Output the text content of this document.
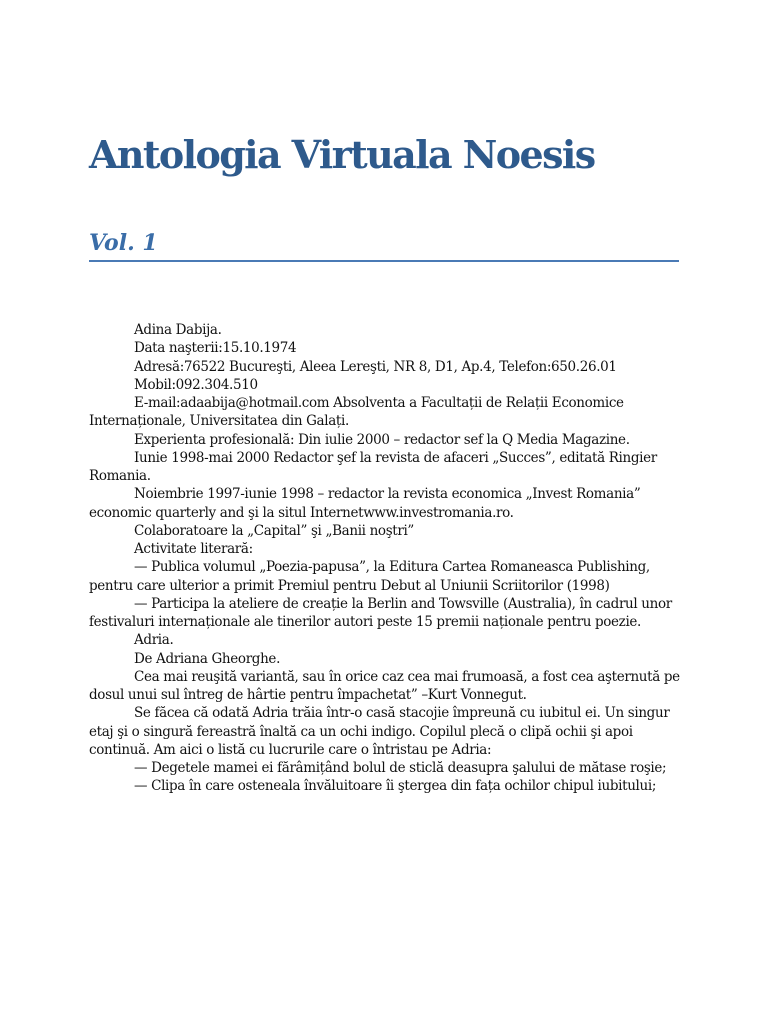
Antologia Virtuala Noesis
Vol. 1

Adina Dabija.

Data naşterii:15.10.1974

Adresă:76522 Bucureşti, Aleea Lereşti, NR 8, D1, Ap.4, Telefon:650.26.01

Mobil:092.304.510

E-mail:adaabija@hotmail.com Absolventa a Facultații de Relații Economice Internaționale, Universitatea din Galați.

Experienta profesională: Din iulie 2000 – redactor sef la Q Media Magazine.

Iunie 1998-mai 2000 Redactor şef la revista de afaceri „Succes”, editată Ringier Romania.

Noiembrie 1997-iunie 1998 – redactor la revista economica „Invest Romania” economic quarterly and şi la situl Internetwww.investromania.ro.

Colaboratoare la „Capital” şi „Banii noştri”

Activitate literară:

— Publica volumul „Poezia-papusa”, la Editura Cartea Romaneasca Publishing, pentru care ulterior a primit Premiul pentru Debut al Uniunii Scriitorilor (1998)

— Participa la ateliere de creație la Berlin and Towsville (Australia), în cadrul unor festivaluri internaționale ale tinerilor autori peste 15 premii naționale pentru poezie.

Adria.

De Adriana Gheorghe.

Cea mai reuşită variantă, sau în orice caz cea mai frumoasă, a fost cea aşternută pe dosul unui sul întreg de hârtie pentru împachetat” –Kurt Vonnegut.

Se făcea că odată Adria trăia într-o casă stacojie împreună cu iubitul ei. Un singur etaj şi o singură fereastră înaltă ca un ochi indigo. Copilul plecă o clipă ochii şi apoi continuă. Am aici o listă cu lucrurile care o întristau pe Adria:

— Degetele mamei ei fărâmițând bolul de sticlă deasupra şalului de mătase roşie;

— Clipa în care osteneala învăluitoare îi ştergea din fața ochilor chipul iubitului;
